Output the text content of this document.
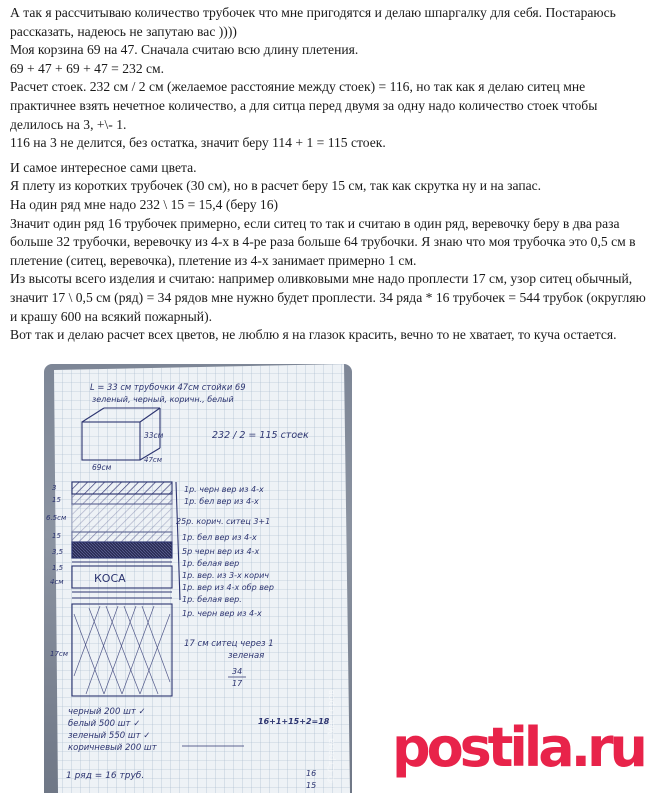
А так я рассчитываю количество трубочек что мне пригодятся и делаю шпаргалку для себя. Постараюсь рассказать, надеюсь не запутаю вас ))))

Моя корзина 69 на 47. Сначала считаю всю длину плетения.

69 + 47 + 69 + 47 = 232 см.

Расчет стоек. 232 см / 2 см (желаемое расстояние между стоек) = 116, но так как я делаю ситец мне практичнее взять нечетное количество, а для ситца перед двумя за одну надо количество стоек чтобы делилось на 3, +\- 1.

116 на 3 не делится, без остатка, значит беру 114 + 1 = 115 стоек.

И самое интересное сами цвета.

Я плету из коротких трубочек (30 см), но в расчет беру 15 см, так как скрутка ну и на запас.

На один ряд мне надо 232 \ 15 = 15,4 (беру 16)

Значит один ряд 16 трубочек примерно, если ситец то так и считаю в один ряд, веревочку беру в два раза больше 32 трубочки, веревочку из 4-х в 4-ре раза больше 64 трубочки. Я знаю что моя трубочка это 0,5 см в плетение (ситец, веревочка), плетение из 4-х занимает примерно 1 см.

Из высоты всего изделия и считаю: например оливковыми мне надо проплести 17 см, узор ситец обычный, значит 17 \ 0,5 см (ряд) = 34 рядов мне нужно будет проплести. 34 ряда * 16 трубочек = 544 трубок (округляю и крашу 600 на всякий пожарный).

Вот так и делаю расчет всех цветов, не люблю я на глазок красить, вечно то не хватает, то куча остается.

L = 33 см трубочки 47см стойки 69
зеленый, черный, коричн., белый
33см
69см
47см
232 / 2 = 115 стоек
3
15
6.5см
15
3,5
1,5
4см
17см
1р. черн вер из 4-х
1р. бел вер из 4-х
25р. корич. ситец 3+1
1р. бел вер из 4-х
5р черн вер из 4-х
1р. белая вер
1р. вер. из 3-х корич
1р. вер из 4-х обр вер
1р. белая вер.
1р. черн вер из 4-х
КОСА
17 см ситец через 1
зеленая
34
17
черный 200 шт ✓
белый 500 шт ✓
зеленый 550 шт ✓
коричневый 200 шт
16+1+15+2=18
1 ряд = 16 труб.	16
15
© Страна Мастеров postila.ru
